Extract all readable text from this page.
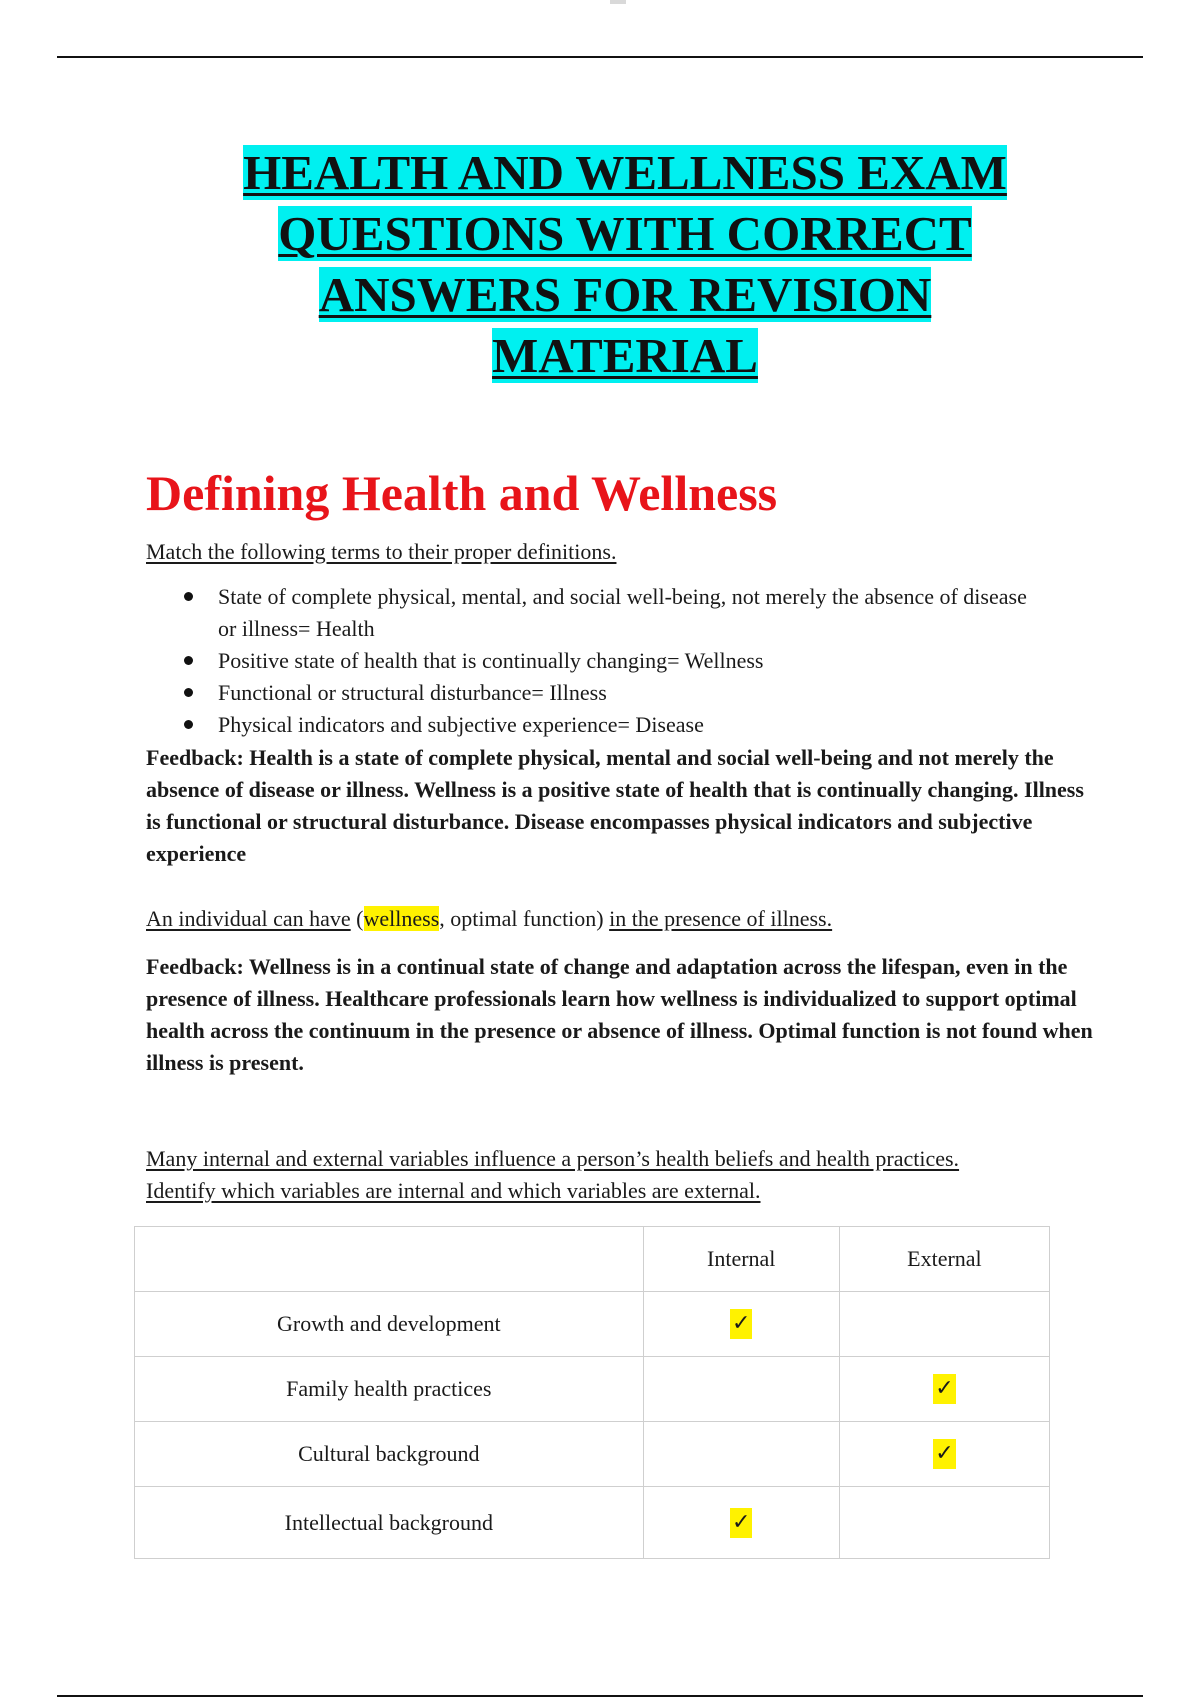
HEALTH AND WELLNESS EXAM
QUESTIONS WITH CORRECT
ANSWERS FOR REVISION
MATERIAL
Defining Health and Wellness
Match the following terms to their proper definitions.
State of complete physical, mental, and social well-being, not merely the absence of disease or illness= Health
Positive state of health that is continually changing= Wellness
Functional or structural disturbance= Illness
Physical indicators and subjective experience= Disease
Feedback: Health is a state of complete physical, mental and social well-being and not merely the absence of disease or illness. Wellness is a positive state of health that is continually changing. Illness is functional or structural disturbance. Disease encompasses physical indicators and subjective experience
An individual can have (wellness, optimal function) in the presence of illness.
Feedback: Wellness is in a continual state of change and adaptation across the lifespan, even in the presence of illness. Healthcare professionals learn how wellness is individualized to support optimal health across the continuum in the presence or absence of illness. Optimal function is not found when illness is present.
Many internal and external variables influence a person’s health beliefs and health practices.
Identify which variables are internal and which variables are external.
	Internal	External
Growth and development	✓	
Family health practices		✓
Cultural background		✓
Intellectual background	✓	
